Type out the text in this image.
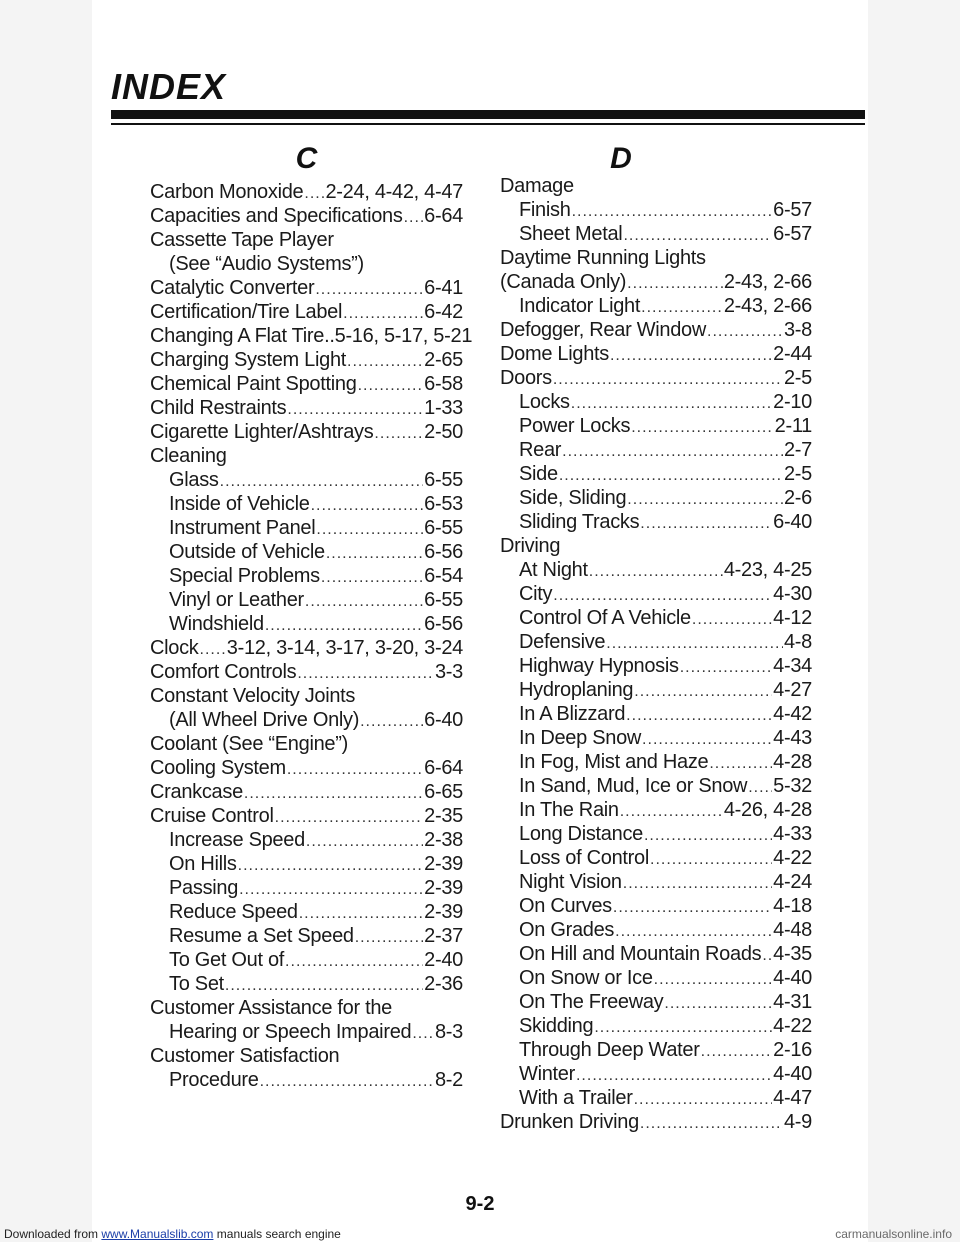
INDEX
C
Carbon Monoxide ..... 2-24, 4-42, 4-47
Capacities and Specifications ..... 6-64
Cassette Tape Player
(See “Audio Systems”)
Catalytic Converter .....	6-41
Certification/Tire Label .....	6-42
Changing A Flat Tire.. 5-16, 5-17, 5-21
Charging System Light .....	2-65
Chemical Paint Spotting .....	6-58
Child Restraints .....	1-33
Cigarette Lighter/Ashtrays .....	2-50
Cleaning
Glass .....	6-55
Inside of Vehicle .....	6-53
Instrument Panel .....	6-55
Outside of Vehicle .....	6-56
Special Problems .....	6-54
Vinyl or Leather .....	6-55
Windshield .....	6-56
Clock ..... 3-12, 3-14, 3-17, 3-20, 3-24
Comfort Controls .....	3-3
Constant Velocity Joints
(All Wheel Drive Only) .....	6-40
Coolant (See “Engine”)
Cooling System .....	6-64
Crankcase .....	6-65
Cruise Control .....	2-35
Increase Speed .....	2-38
On Hills .....	2-39
Passing .....	2-39
Reduce Speed .....	2-39
Resume a Set Speed .....	2-37
To Get Out of .....	2-40
To Set .....	2-36
Customer Assistance for the
Hearing or Speech Impaired ..... 8-3
Customer Satisfaction
Procedure .....	8-2
D
Damage
Finish .....	6-57
Sheet Metal .....	6-57
Daytime Running Lights
(Canada Only) .....	2-43, 2-66
Indicator Light .....	2-43, 2-66
Defogger, Rear Window .....	3-8
Dome Lights .....	2-44
Doors .....	2-5
Locks .....	2-10
Power Locks .....	2-11
Rear .....	2-7
Side .....	2-5
Side, Sliding .....	2-6
Sliding Tracks .....	6-40
Driving
At Night .....	4-23, 4-25
City .....	4-30
Control Of A Vehicle .....	4-12
Defensive .....	4-8
Highway Hypnosis .....	4-34
Hydroplaning .....	4-27
In A Blizzard .....	4-42
In Deep Snow .....	4-43
In Fog, Mist and Haze .....	4-28
In Sand, Mud, Ice or Snow ..... 5-32
In The Rain .....	4-26, 4-28
Long Distance .....	4-33
Loss of Control .....	4-22
Night Vision .....	4-24
On Curves .....	4-18
On Grades .....	4-48
On Hill and Mountain Roads ..... 4-35
On Snow or Ice .....	4-40
On The Freeway .....	4-31
Skidding .....	4-22
Through Deep Water .....	2-16
Winter .....	4-40
With a Trailer .....	4-47
Drunken Driving .....	4-9
9-2
Downloaded from www.Manualslib.com manuals search engine	carmanualsonline.info
